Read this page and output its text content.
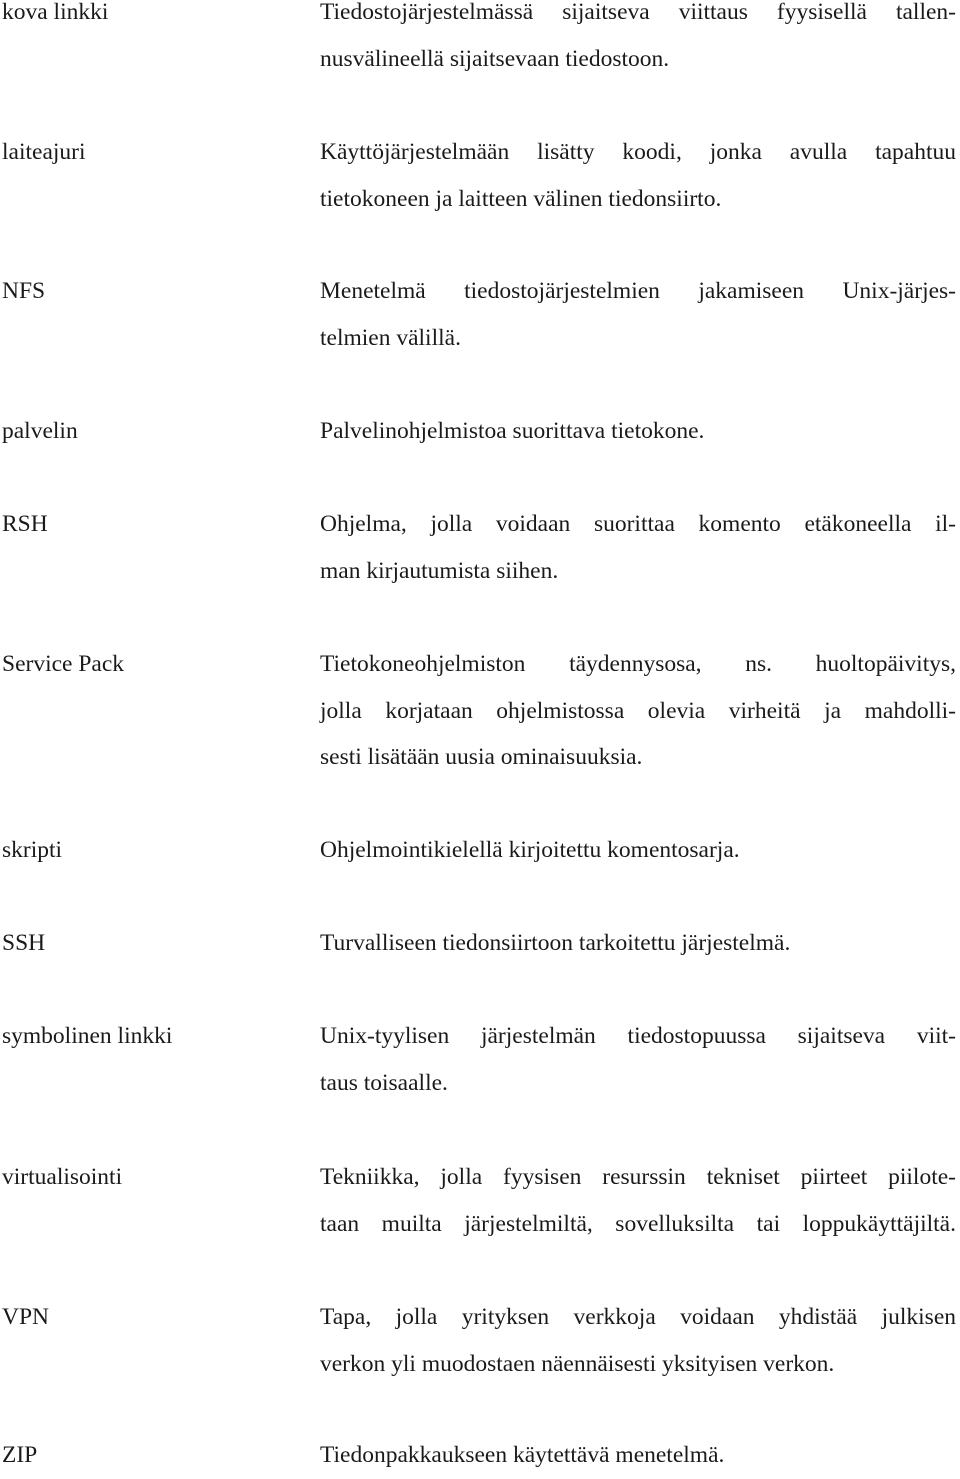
kova linkki	Tiedostojärjestelmässä sijaitseva viittaus fyysisellä tallen-
nusvälineellä sijaitsevaan tiedostoon.
laiteajuri	Käyttöjärjestelmään lisätty koodi, jonka avulla tapahtuu
tietokoneen ja laitteen välinen tiedonsiirto.
NFS	Menetelmä tiedostojärjestelmien jakamiseen Unix-järjes-
telmien välillä.
palvelin	Palvelinohjelmistoa suorittava tietokone.
RSH	Ohjelma, jolla voidaan suorittaa komento etäkoneella il-
man kirjautumista siihen.
Service Pack	Tietokoneohjelmiston täydennysosa, ns. huoltopäivitys,
jolla korjataan ohjelmistossa olevia virheitä ja mahdolli-
sesti lisätään uusia ominaisuuksia.
skripti	Ohjelmointikielellä kirjoitettu komentosarja.
SSH	Turvalliseen tiedonsiirtoon tarkoitettu järjestelmä.
symbolinen linkki	Unix-tyylisen järjestelmän tiedostopuussa sijaitseva viit-
taus toisaalle.
virtualisointi	Tekniikka, jolla fyysisen resurssin tekniset piirteet piilote-
taan muilta järjestelmiltä, sovelluksilta tai loppukäyttäjiltä.
VPN	Tapa, jolla yrityksen verkkoja voidaan yhdistää julkisen
verkon yli muodostaen näennäisesti yksityisen verkon.
ZIP	Tiedonpakkaukseen käytettävä menetelmä.
